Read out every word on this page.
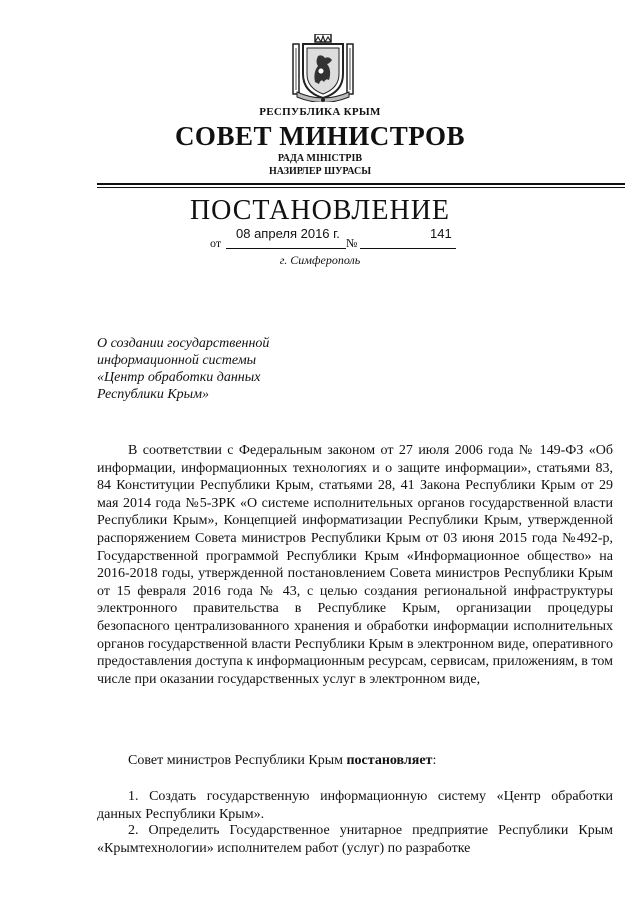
РЕСПУБЛИКА КРЫМ
СОВЕТ МИНИСТРОВ
РАДА МІНІСТРІВ
НАЗИРЛЕР ШУРАСЫ
ПОСТАНОВЛЕНИЕ
от	№
08 апреля 2016 г.	141
г. Симферополь
О создании государственной
информационной системы
«Центр обработки данных
Республики Крым»
В соответствии с Федеральным законом от 27 июля 2006 года № 149-ФЗ «Об информации, информационных технологиях и о защите информации», статьями 83, 84 Конституции Республики Крым, статьями 28, 41 Закона Республики Крым от 29 мая 2014 года №5-ЗРК «О системе исполнительных органов государственной власти Республики Крым», Концепцией информатизации Республики Крым, утвержденной распоряжением Совета министров Республики Крым от 03 июня 2015 года №492-р, Государственной программой Республики Крым «Информационное общество» на 2016-2018 годы, утвержденной постановлением Совета министров Республики Крым от 15 февраля 2016 года № 43, с целью создания региональной инфраструктуры электронного правительства в Республике Крым, организации процедуры безопасного централизованного хранения и обработки информации исполнительных органов государственной власти Республики Крым в электронном виде, оперативного предоставления доступа к информационным ресурсам, сервисам, приложениям, в том числе при оказании государственных услуг в электронном виде,
Совет министров Республики Крым постановляет:
1. Создать государственную информационную систему «Центр обработки данных Республики Крым».
2. Определить Государственное унитарное предприятие Республики Крым «Крымтехнологии» исполнителем работ (услуг) по разработке
